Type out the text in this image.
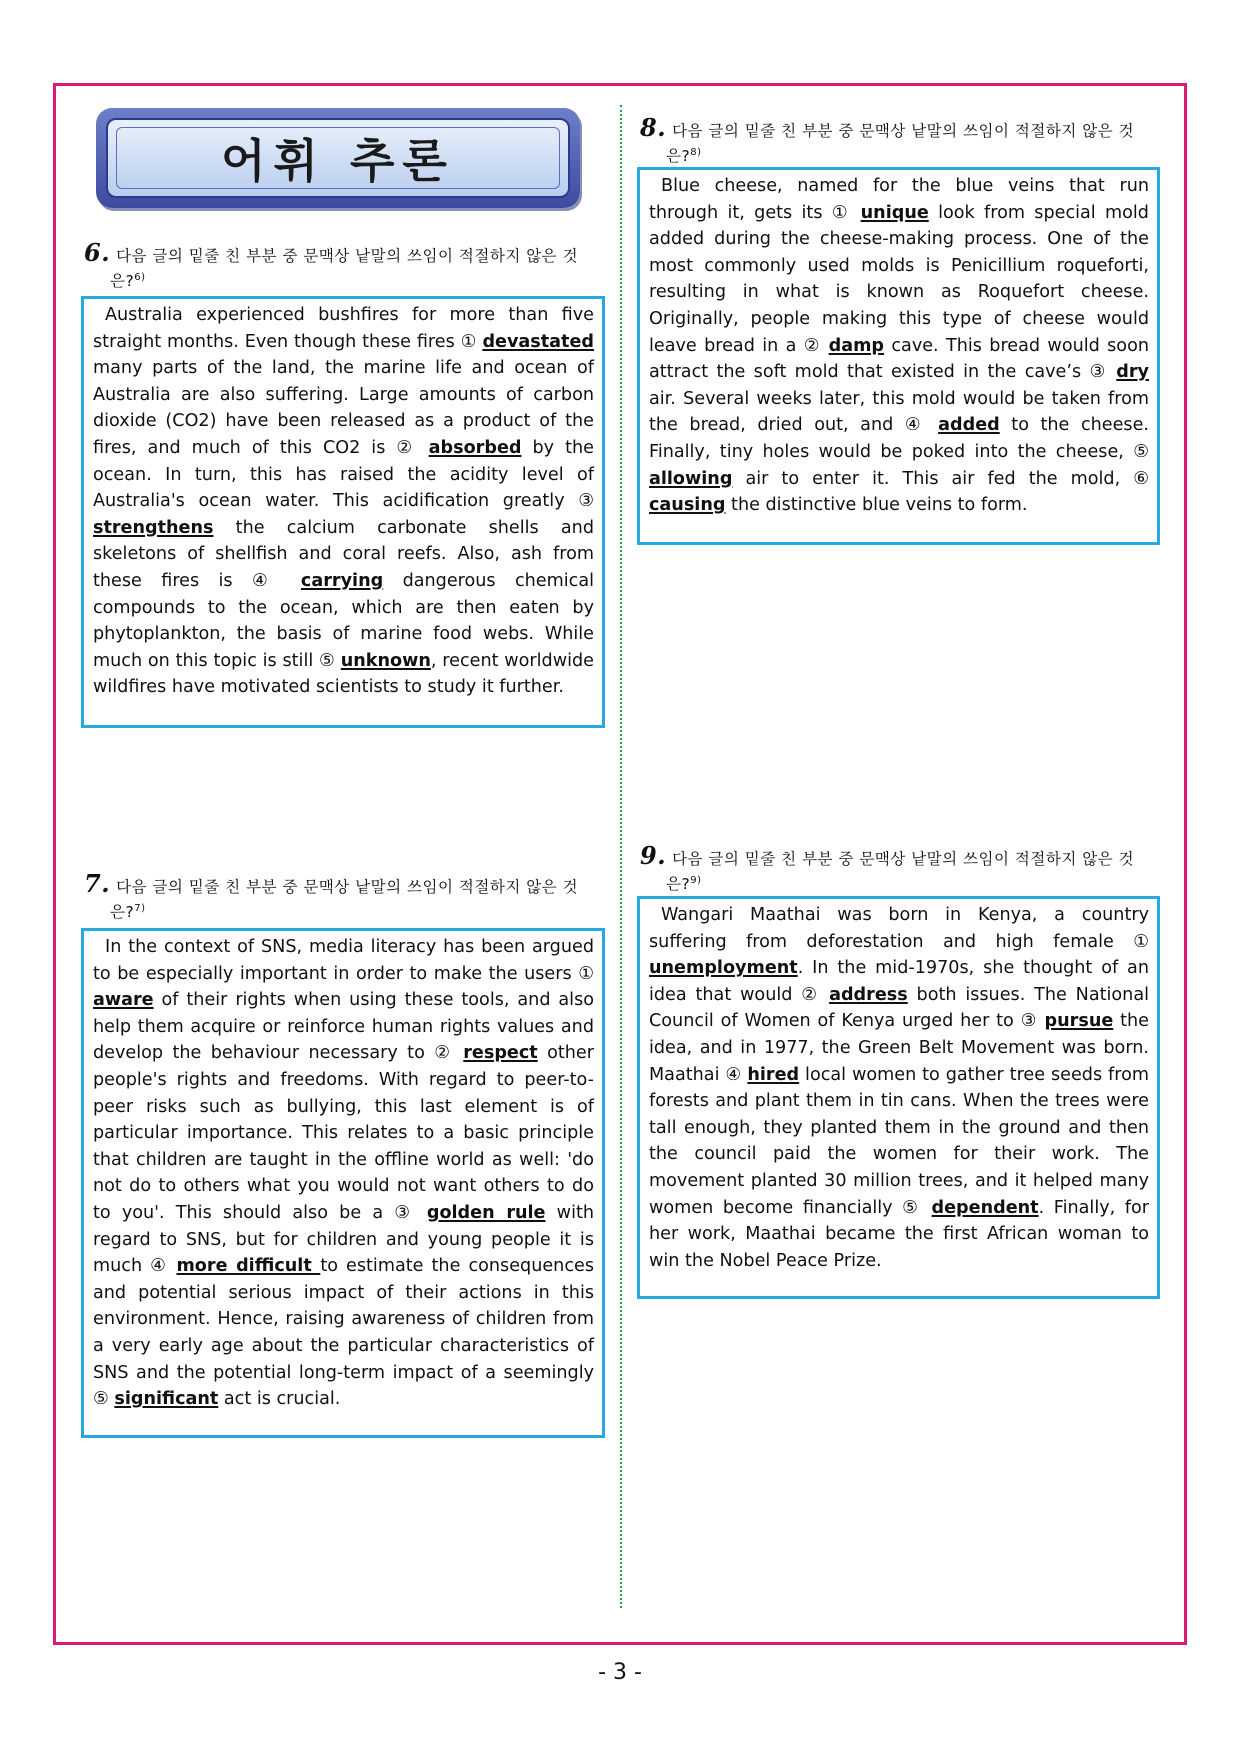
어휘 추론
6. 다음 글의 밑줄 친 부분 중 문맥상 낱말의 쓰임이 적절하지 않은 것
은?$^{6)}$

Australia experienced bushfires for more than five straight months. Even though these fires ① devastated many parts of the land, the marine life and ocean of Australia are also suffering. Large amounts of carbon dioxide (CO2) have been released as a product of the fires, and much of this CO2 is ② absorbed by the ocean. In turn, this has raised the acidity level of Australia's ocean water. This acidification greatly ③ strengthens the calcium carbonate shells and skeletons of shellfish and coral reefs. Also, ash from these fires is ④ carrying dangerous chemical compounds to the ocean, which are then eaten by phytoplankton, the basis of marine food webs. While much on this topic is still ⑤ unknown, recent worldwide wildfires have motivated scientists to study it further.

7. 다음 글의 밑줄 친 부분 중 문맥상 낱말의 쓰임이 적절하지 않은 것
은?$^{7)}$

In the context of SNS, media literacy has been argued to be especially important in order to make the users ① aware of their rights when using these tools, and also help them acquire or reinforce human rights values and develop the behaviour necessary to ② respect other people's rights and freedoms. With regard to peer-to-peer risks such as bullying, this last element is of particular importance. This relates to a basic principle that children are taught in the offline world as well: 'do not do to others what you would not want others to do to you'. This should also be a ③ golden rule with regard to SNS, but for children and young people it is much ④ more difficult to estimate the consequences and potential serious impact of their actions in this environment. Hence, raising awareness of children from a very early age about the particular characteristics of SNS and the potential long-term impact of a seemingly ⑤ significant act is crucial.

8. 다음 글의 밑줄 친 부분 중 문맥상 낱말의 쓰임이 적절하지 않은 것
은?$^{8)}$

Blue cheese, named for the blue veins that run through it, gets its ① unique look from special mold added during the cheese-making process. One of the most commonly used molds is Penicillium roqueforti, resulting in what is known as Roquefort cheese. Originally, people making this type of cheese would leave bread in a ② damp cave. This bread would soon attract the soft mold that existed in the cave’s ③ dry air. Several weeks later, this mold would be taken from the bread, dried out, and ④ added to the cheese. Finally, tiny holes would be poked into the cheese, ⑤ allowing air to enter it. This air fed the mold, ⑥ causing the distinctive blue veins to form.

9. 다음 글의 밑줄 친 부분 중 문맥상 낱말의 쓰임이 적절하지 않은 것
은?$^{9)}$

Wangari Maathai was born in Kenya, a country suffering from deforestation and high female ① unemployment. In the mid-1970s, she thought of an idea that would ② address both issues. The National Council of Women of Kenya urged her to ③ pursue the idea, and in 1977, the Green Belt Movement was born. Maathai ④ hired local women to gather tree seeds from forests and plant them in tin cans. When the trees were tall enough, they planted them in the ground and then the council paid the women for their work. The movement planted 30 million trees, and it helped many women become financially ⑤ dependent. Finally, for her work, Maathai became the first African woman to win the Nobel Peace Prize.

- 3 -
